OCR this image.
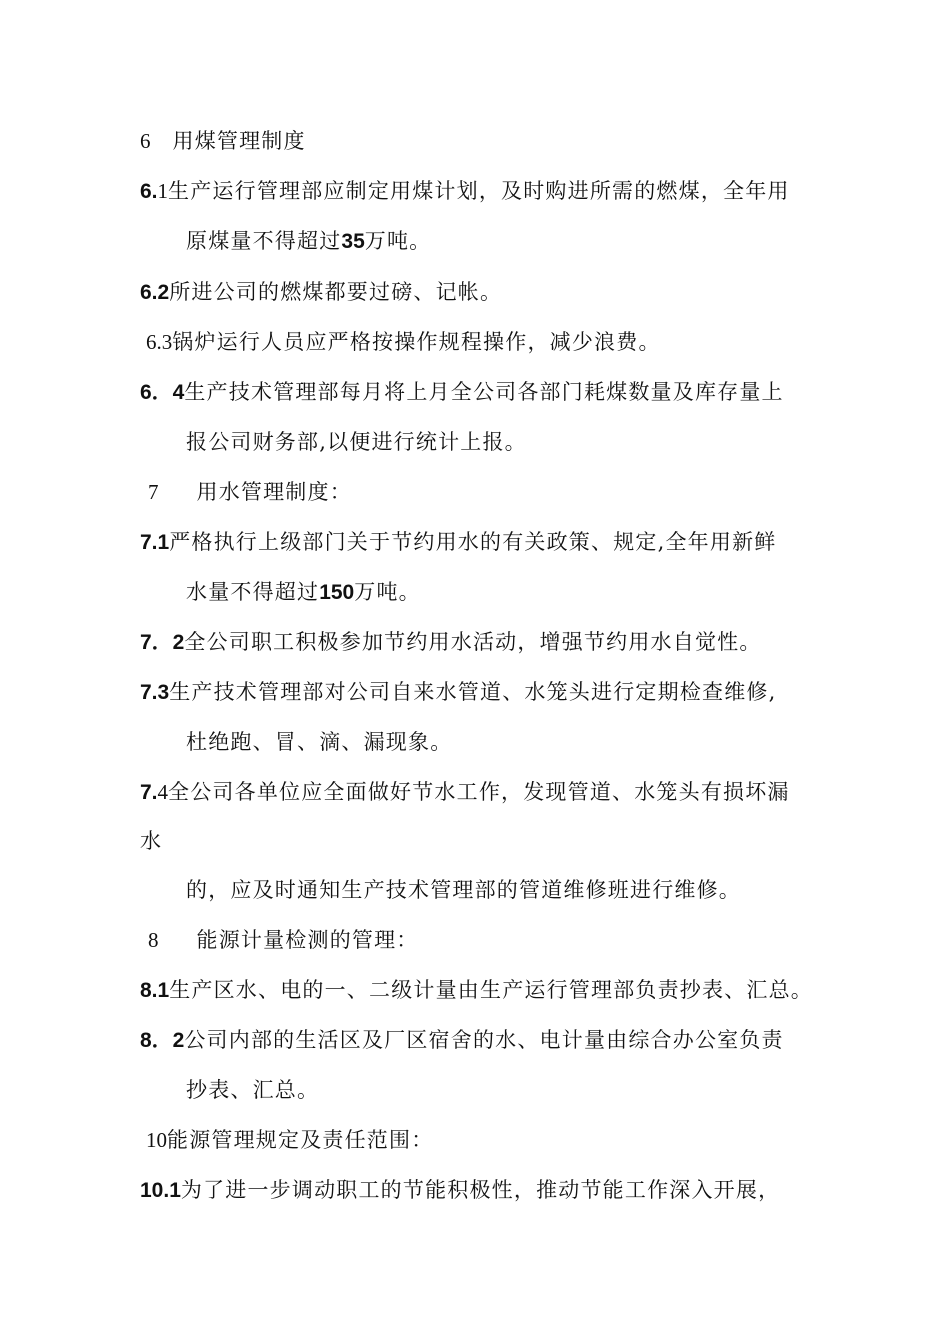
6 用煤管理制度
6.1生产运行管理部应制定用煤计划，及时购进所需的燃煤，全年用
原煤量不得超过35万吨。
6.2所进公司的燃煤都要过磅、记帐。
6.3锅炉运行人员应严格按操作规程操作，减少浪费。
6．4生产技术管理部每月将上月全公司各部门耗煤数量及库存量上
报公司财务部,以便进行统计上报。
7 用水管理制度：
7.1严格执行上级部门关于节约用水的有关政策、规定,全年用新鲜
水量不得超过150万吨。
7．2全公司职工积极参加节约用水活动，增强节约用水自觉性。
7.3生产技术管理部对公司自来水管道、水笼头进行定期检查维修,
杜绝跑、冒、滴、漏现象。
7.4全公司各单位应全面做好节水工作，发现管道、水笼头有损坏漏
水
的，应及时通知生产技术管理部的管道维修班进行维修。
8 能源计量检测的管理：
8.1生产区水、电的一、二级计量由生产运行管理部负责抄表、汇总。
8．2公司内部的生活区及厂区宿舍的水、电计量由综合办公室负责
抄表、汇总。
10能源管理规定及责任范围：
10.1为了进一步调动职工的节能积极性，推动节能工作深入开展，
